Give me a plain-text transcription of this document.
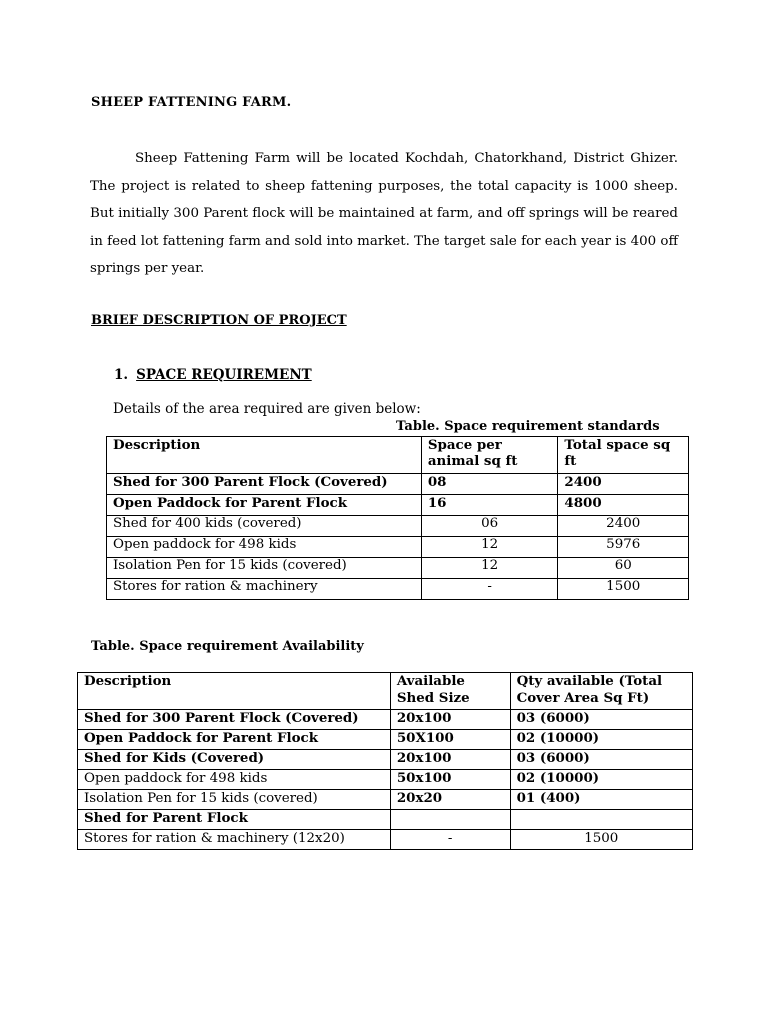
SHEEP FATTENING FARM.
Sheep Fattening Farm will be located Kochdah, Chatorkhand, District Ghizer. The project is related to sheep fattening purposes, the total capacity is 1000 sheep. But initially 300 Parent flock will be maintained at farm, and off springs will be reared in feed lot fattening farm and sold into market. The target sale for each year is 400 off springs per year.
BRIEF DESCRIPTION OF PROJECT
1. SPACE REQUIREMENT
Details of the area required are given below:
Table. Space requirement standards
Description	Space per animal sq ft	Total space sq ft
Shed for 300 Parent Flock (Covered)	08	2400
Open Paddock for Parent Flock	16	4800
Shed for 400 kids (covered)	06	2400
Open paddock for 498 kids	12	5976
Isolation Pen for 15 kids (covered)	12	60
Stores for ration & machinery	-	1500
Table. Space requirement Availability
Description	Available Shed Size	Qty available (Total Cover Area Sq Ft)
Shed for 300 Parent Flock (Covered)	20x100	03 (6000)
Open Paddock for Parent Flock	50X100	02 (10000)
Shed for Kids (Covered)	20x100	03 (6000)
Open paddock for 498 kids	50x100	02 (10000)
Isolation Pen for 15 kids (covered)	20x20	01 (400)
Shed for Parent Flock		
Stores for ration & machinery (12x20)	-	1500
